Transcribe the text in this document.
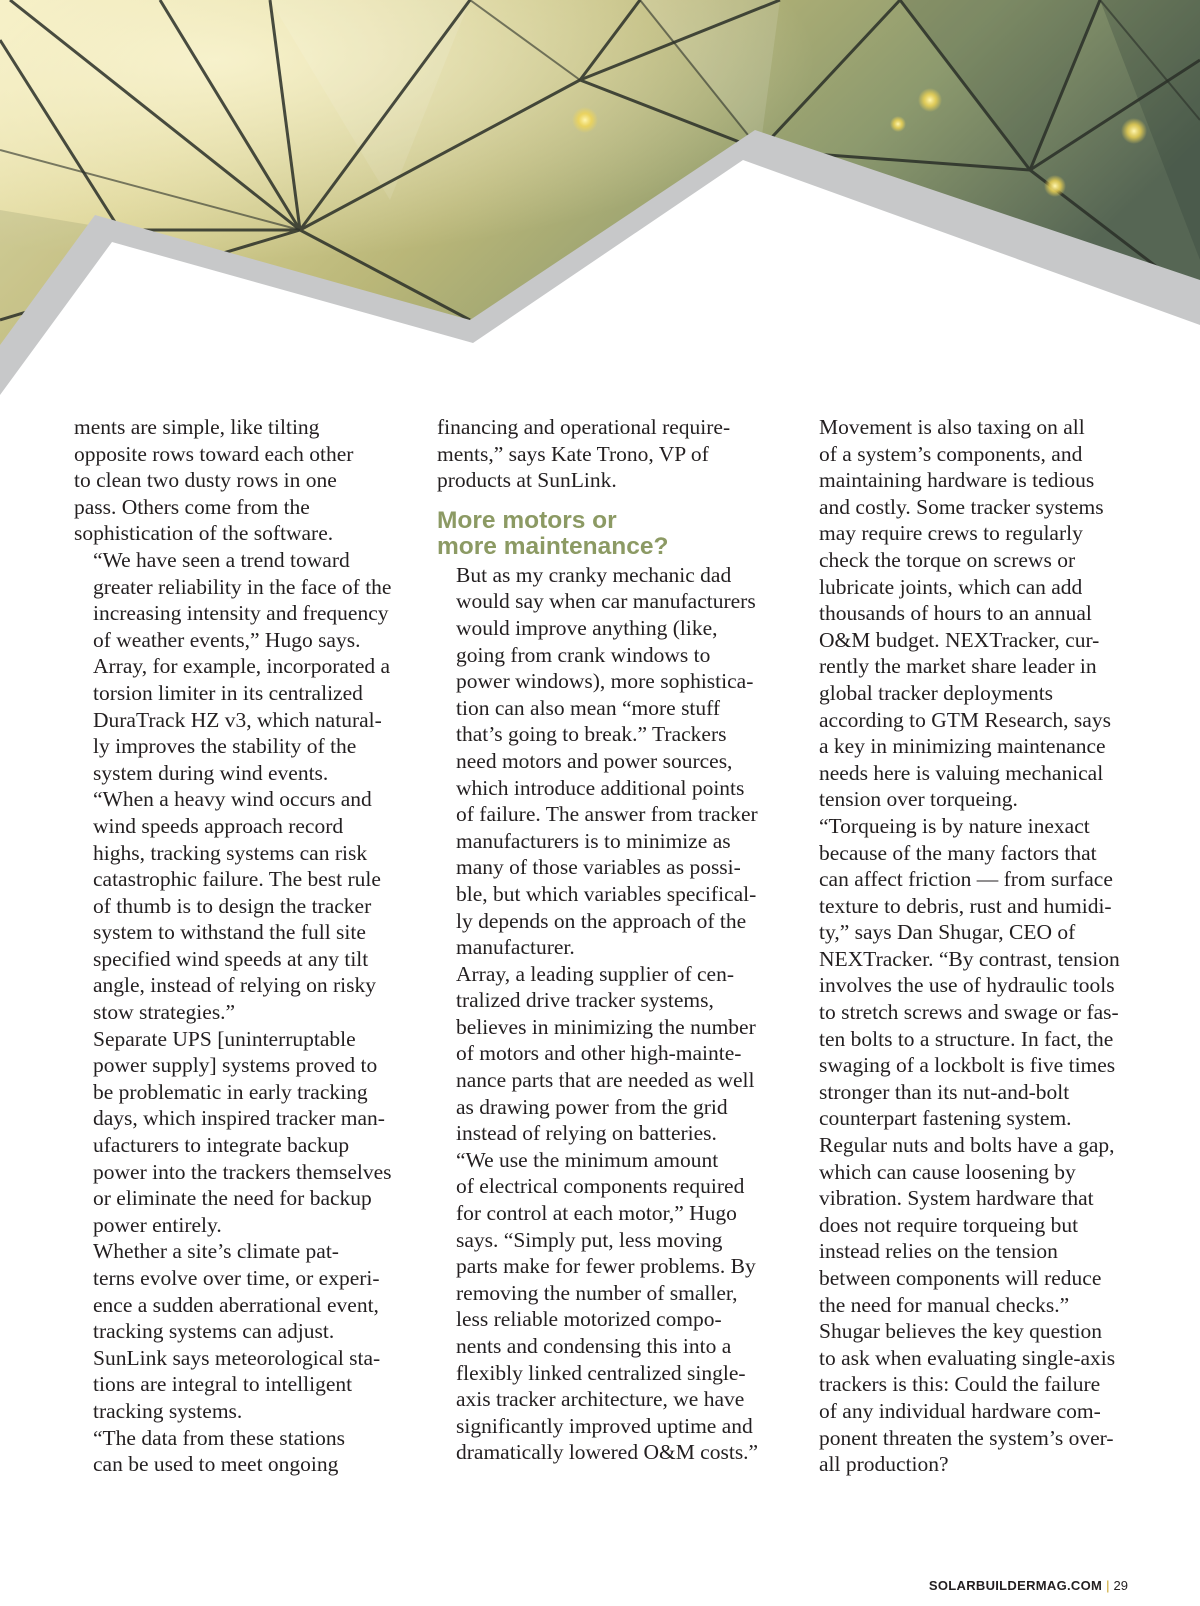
ments are simple, like tilting
opposite rows toward each other
to clean two dusty rows in one
pass. Others come from the
sophistication of the software.

“We have seen a trend toward
greater reliability in the face of the
increasing intensity and frequency
of weather events,” Hugo says.
Array, for example, incorporated a
torsion limiter in its centralized
DuraTrack HZ v3, which natural-
ly improves the stability of the
system during wind events.

“When a heavy wind occurs and
wind speeds approach record
highs, tracking systems can risk
catastrophic failure. The best rule
of thumb is to design the tracker
system to withstand the full site
specified wind speeds at any tilt
angle, instead of relying on risky
stow strategies.”

Separate UPS [uninterruptable
power supply] systems proved to
be problematic in early tracking
days, which inspired tracker man-
ufacturers to integrate backup
power into the trackers themselves
or eliminate the need for backup
power entirely.

Whether a site’s climate pat-
terns evolve over time, or experi-
ence a sudden aberrational event,
tracking systems can adjust.
SunLink says meteorological sta-
tions are integral to intelligent
tracking systems.

“The data from these stations
can be used to meet ongoing

financing and operational require-
ments,” says Kate Trono, VP of
products at SunLink.

More motors or
more maintenance?

But as my cranky mechanic dad
would say when car manufacturers
would improve anything (like,
going from crank windows to
power windows), more sophistica-
tion can also mean “more stuff
that’s going to break.” Trackers
need motors and power sources,
which introduce additional points
of failure. The answer from tracker
manufacturers is to minimize as
many of those variables as possi-
ble, but which variables specifical-
ly depends on the approach of the
manufacturer.

Array, a leading supplier of cen-
tralized drive tracker systems,
believes in minimizing the number
of motors and other high-mainte-
nance parts that are needed as well
as drawing power from the grid
instead of relying on batteries.

“We use the minimum amount
of electrical components required
for control at each motor,” Hugo
says. “Simply put, less moving
parts make for fewer problems. By
removing the number of smaller,
less reliable motorized compo-
nents and condensing this into a
flexibly linked centralized single-
axis tracker architecture, we have
significantly improved uptime and
dramatically lowered O&M costs.”

Movement is also taxing on all
of a system’s components, and
maintaining hardware is tedious
and costly. Some tracker systems
may require crews to regularly
check the torque on screws or
lubricate joints, which can add
thousands of hours to an annual
O&M budget. NEXTracker, cur-
rently the market share leader in
global tracker deployments
according to GTM Research, says
a key in minimizing maintenance
needs here is valuing mechanical
tension over torqueing.

“Torqueing is by nature inexact
because of the many factors that
can affect friction — from surface
texture to debris, rust and humidi-
ty,” says Dan Shugar, CEO of
NEXTracker. “By contrast, tension
involves the use of hydraulic tools
to stretch screws and swage or fas-
ten bolts to a structure. In fact, the
swaging of a lockbolt is five times
stronger than its nut-and-bolt
counterpart fastening system.
Regular nuts and bolts have a gap,
which can cause loosening by
vibration. System hardware that
does not require torqueing but
instead relies on the tension
between components will reduce
the need for manual checks.”

Shugar believes the key question
to ask when evaluating single-axis
trackers is this: Could the failure
of any individual hardware com-
ponent threaten the system’s over-
all production?

SOLARBUILDERMAG.COM | 29
